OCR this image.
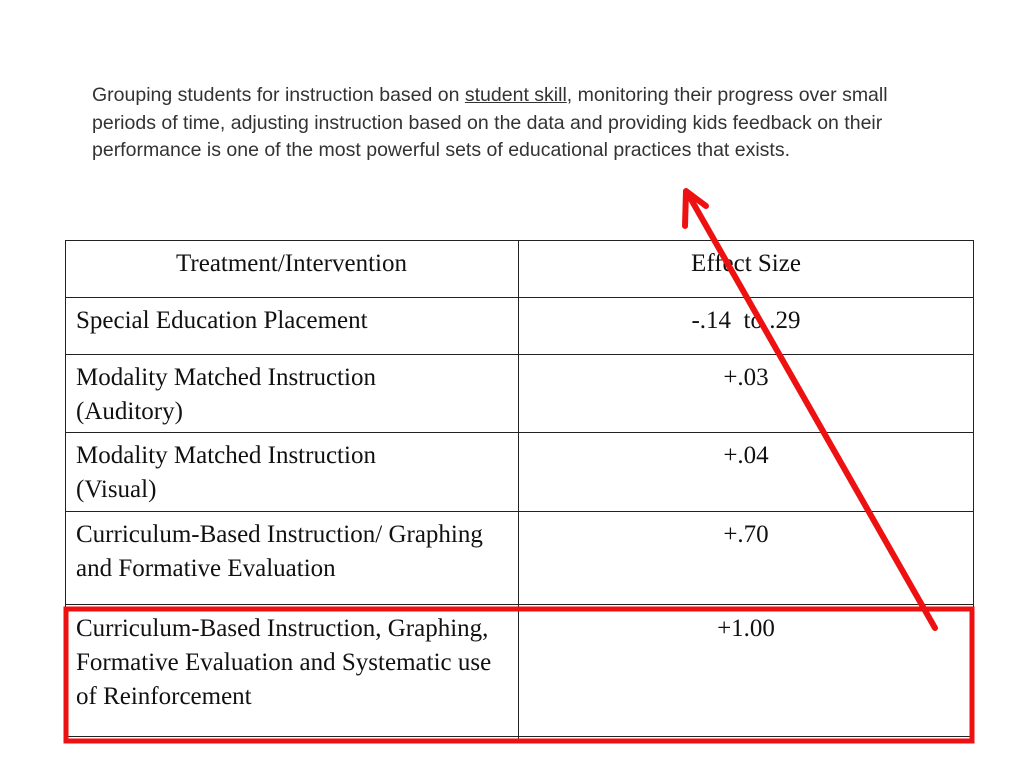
Grouping students for instruction based on student skill, monitoring their progress over small periods of time, adjusting instruction based on the data and providing kids feedback on their performance is one of the most powerful sets of educational practices that exists.
Treatment/Intervention	Effect Size
Special Education Placement	-.14  to .29
Modality Matched Instruction (Auditory)
+.03
Modality Matched Instruction (Visual)
+.04
Curriculum-Based Instruction/ Graphing and Formative Evaluation
+.70
Curriculum-Based Instruction, Graphing, Formative Evaluation and Systematic use of Reinforcement
+1.00
